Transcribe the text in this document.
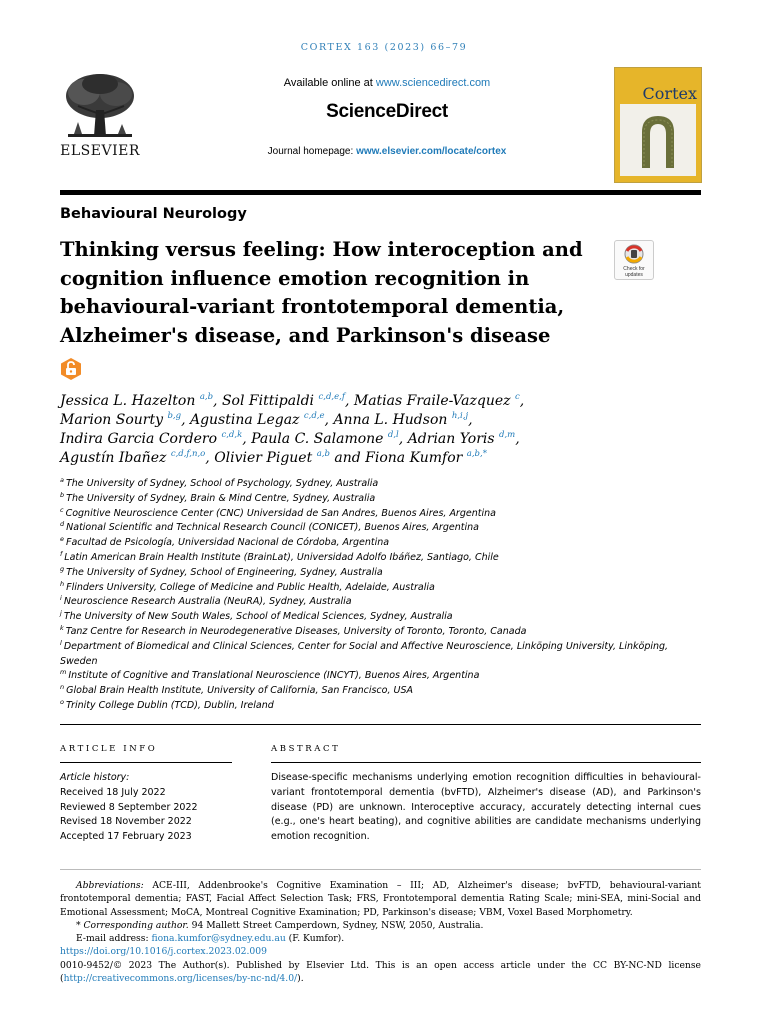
CORTEX 163 (2023) 66–79
ELSEVIER
Available online at www.sciencedirect.com
ScienceDirect
Journal homepage: www.elsevier.com/locate/cortex
Cortex
Behavioural Neurology
Thinking versus feeling: How interoception and
cognition influence emotion recognition in
behavioural-variant frontotemporal dementia,
Alzheimer's disease, and Parkinson's disease
Check for
updates
Jessica L. Hazelton $^{a,b}$, Sol Fittipaldi $^{c,d,e,f}$, Matias Fraile-Vazquez $^c$,
Marion Sourty $^{b,g}$, Agustina Legaz $^{c,d,e}$, Anna L. Hudson $^{h,i,j}$,
Indira Garcia Cordero $^{c,d,k}$, Paula C. Salamone $^{d,l}$, Adrian Yoris $^{d,m}$,
Agustín Ibañez $^{c,d,f,n,o}$, Olivier Piguet $^{a,b}$ and Fiona Kumfor $^{a,b,*}$
$^a$ The University of Sydney, School of Psychology, Sydney, Australia
$^b$ The University of Sydney, Brain & Mind Centre, Sydney, Australia
$^c$ Cognitive Neuroscience Center (CNC) Universidad de San Andres, Buenos Aires, Argentina
$^d$ National Scientific and Technical Research Council (CONICET), Buenos Aires, Argentina
$^e$ Facultad de Psicología, Universidad Nacional de Córdoba, Argentina
$^f$ Latin American Brain Health Institute (BrainLat), Universidad Adolfo Ibáñez, Santiago, Chile
$^g$ The University of Sydney, School of Engineering, Sydney, Australia
$^h$ Flinders University, College of Medicine and Public Health, Adelaide, Australia
$^i$ Neuroscience Research Australia (NeuRA), Sydney, Australia
$^j$ The University of New South Wales, School of Medical Sciences, Sydney, Australia
$^k$ Tanz Centre for Research in Neurodegenerative Diseases, University of Toronto, Toronto, Canada
$^l$ Department of Biomedical and Clinical Sciences, Center for Social and Affective Neuroscience, Linköping University, Linköping, Sweden
$^m$ Institute of Cognitive and Translational Neuroscience (INCYT), Buenos Aires, Argentina
$^n$ Global Brain Health Institute, University of California, San Francisco, USA
$^o$ Trinity College Dublin (TCD), Dublin, Ireland
ARTICLE INFO	ABSTRACT
Article history:
Received 18 July 2022
Reviewed 8 September 2022
Revised 18 November 2022
Accepted 17 February 2023
Disease-specific mechanisms underlying emotion recognition difficulties in behavioural-variant frontotemporal dementia (bvFTD), Alzheimer's disease (AD), and Parkinson's disease (PD) are unknown. Interoceptive accuracy, accurately detecting internal cues (e.g., one's heart beating), and cognitive abilities are candidate mechanisms underlying emotion recognition.
Abbreviations: ACE-III, Addenbrooke's Cognitive Examination – III; AD, Alzheimer's disease; bvFTD, behavioural-variant frontotemporal dementia; FAST, Facial Affect Selection Task; FRS, Frontotemporal dementia Rating Scale; mini-SEA, mini-Social and Emotional Assessment; MoCA, Montreal Cognitive Examination; PD, Parkinson's disease; VBM, Voxel Based Morphometry.
* Corresponding author. 94 Mallett Street Camperdown, Sydney, NSW, 2050, Australia.
E-mail address: fiona.kumfor@sydney.edu.au (F. Kumfor).
https://doi.org/10.1016/j.cortex.2023.02.009
0010-9452/© 2023 The Author(s). Published by Elsevier Ltd. This is an open access article under the CC BY-NC-ND license (http://creativecommons.org/licenses/by-nc-nd/4.0/).
